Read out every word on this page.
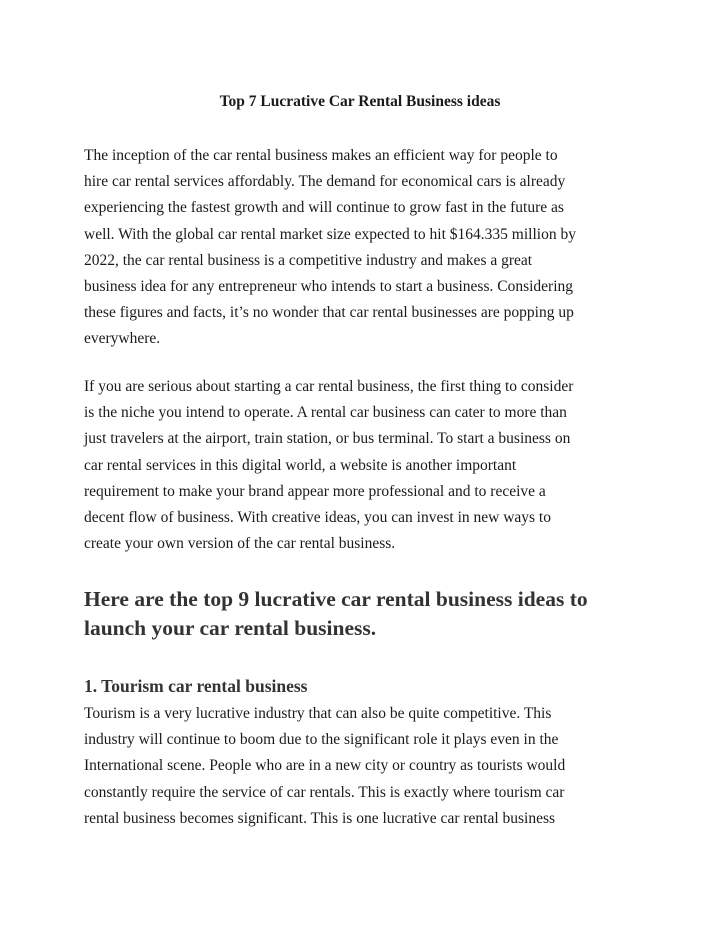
Top 7 Lucrative Car Rental Business ideas

The inception of the car rental business makes an efficient way for people to
hire car rental services affordably. The demand for economical cars is already
experiencing the fastest growth and will continue to grow fast in the future as
well. With the global car rental market size expected to hit $164.335 million by
2022, the car rental business is a competitive industry and makes a great
business idea for any entrepreneur who intends to start a business. Considering
these figures and facts, it’s no wonder that car rental businesses are popping up
everywhere.

If you are serious about starting a car rental business, the first thing to consider
is the niche you intend to operate. A rental car business can cater to more than
just travelers at the airport, train station, or bus terminal. To start a business on
car rental services in this digital world, a website is another important
requirement to make your brand appear more professional and to receive a
decent flow of business. With creative ideas, you can invest in new ways to
create your own version of the car rental business.

Here are the top 9 lucrative car rental business ideas to
launch your car rental business.
1. Tourism car rental business

Tourism is a very lucrative industry that can also be quite competitive. This
industry will continue to boom due to the significant role it plays even in the
International scene. People who are in a new city or country as tourists would
constantly require the service of car rentals. This is exactly where tourism car
rental business becomes significant. This is one lucrative car rental business
